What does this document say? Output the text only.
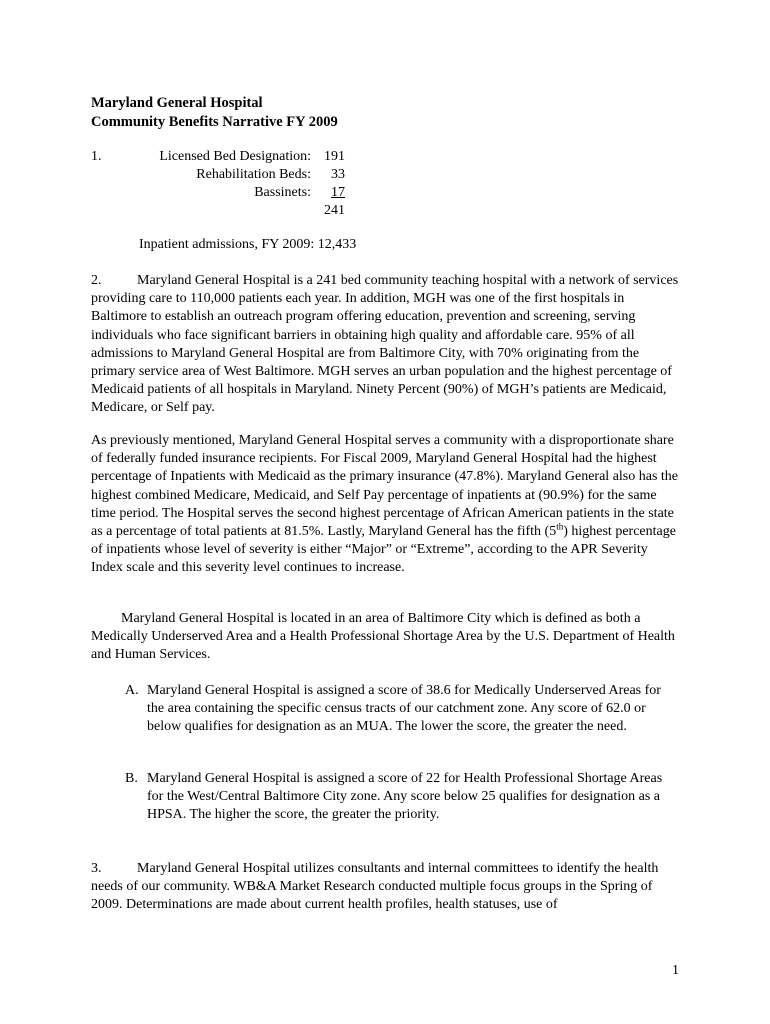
Maryland General Hospital
Community Benefits Narrative FY 2009
1.	Licensed Bed Designation: 191
Rehabilitation Beds:	33
Bassinets:	17
241
Inpatient admissions, FY 2009: 12,433
2.	Maryland General Hospital is a 241 bed community teaching hospital with a network of services providing care to 110,000 patients each year. In addition, MGH was one of the first hospitals in Baltimore to establish an outreach program offering education, prevention and screening, serving individuals who face significant barriers in obtaining high quality and affordable care. 95% of all admissions to Maryland General Hospital are from Baltimore City, with 70% originating from the primary service area of West Baltimore. MGH serves an urban population and the highest percentage of Medicaid patients of all hospitals in Maryland. Ninety Percent (90%) of MGH’s patients are Medicaid, Medicare, or Self pay.
As previously mentioned, Maryland General Hospital serves a community with a disproportionate share of federally funded insurance recipients. For Fiscal 2009, Maryland General Hospital had the highest percentage of Inpatients with Medicaid as the primary insurance (47.8%). Maryland General also has the highest combined Medicare, Medicaid, and Self Pay percentage of inpatients at (90.9%) for the same time period. The Hospital serves the second highest percentage of African American patients in the state as a percentage of total patients at 81.5%. Lastly, Maryland General has the fifth (5th) highest percentage of inpatients whose level of severity is either “Major” or “Extreme”, according to the APR Severity Index scale and this severity level continues to increase.
Maryland General Hospital is located in an area of Baltimore City which is defined as both a Medically Underserved Area and a Health Professional Shortage Area by the U.S. Department of Health and Human Services.
A. Maryland General Hospital is assigned a score of 38.6 for Medically Underserved Areas for the area containing the specific census tracts of our catchment zone. Any score of 62.0 or below qualifies for designation as an MUA. The lower the score, the greater the need.
B. Maryland General Hospital is assigned a score of 22 for Health Professional Shortage Areas for the West/Central Baltimore City zone. Any score below 25 qualifies for designation as a HPSA. The higher the score, the greater the priority.
3.	Maryland General Hospital utilizes consultants and internal committees to identify the health needs of our community. WB&A Market Research conducted multiple focus groups in the Spring of 2009. Determinations are made about current health profiles, health statuses, use of
1
